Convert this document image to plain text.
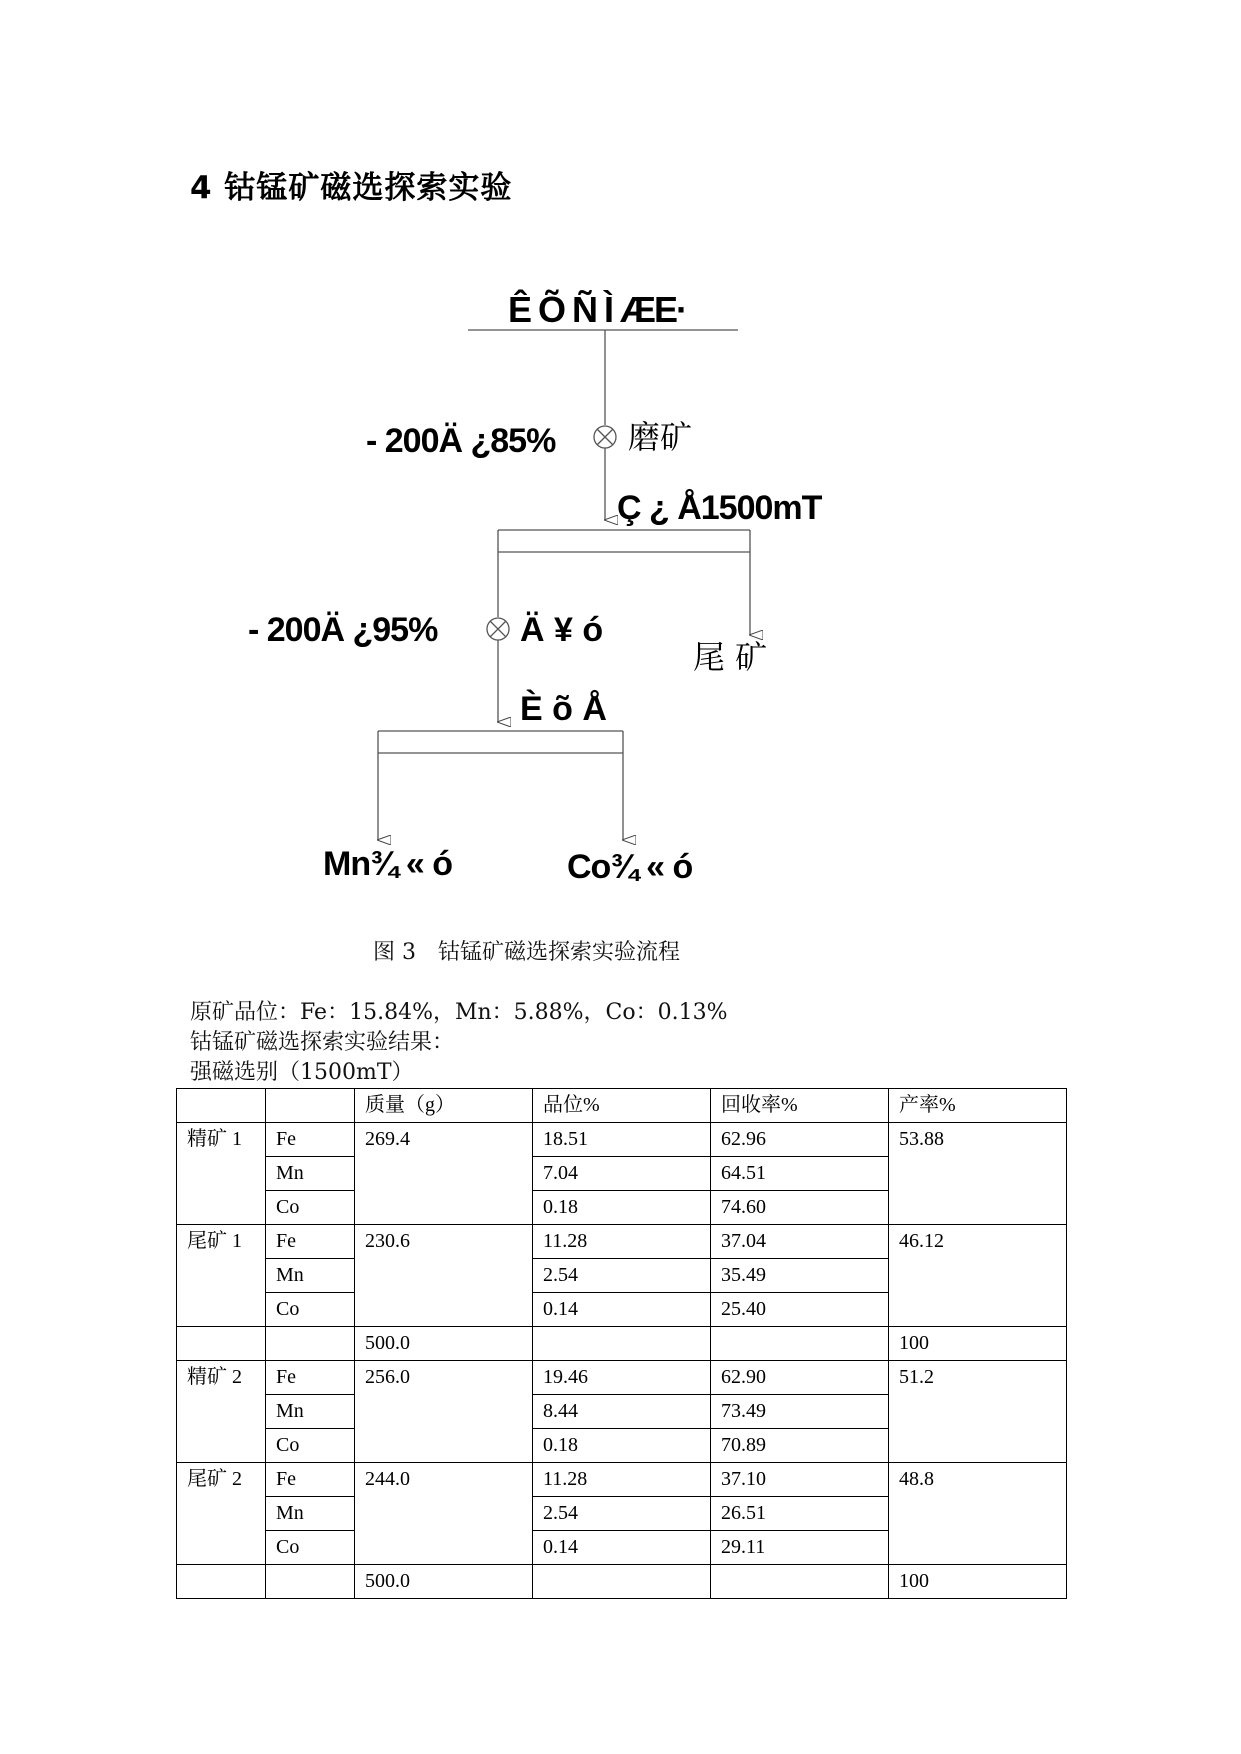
4 钴锰矿磁选探索实验
Ê Õ Ñ Ì ÆE·
- 200Ä ¿85% 磨矿
Ç ¿ Å1500mT
- 200Ä ¿95% Ä ¥ ó
尾 矿
È õ Å
Mn¾ « ó	Co¾ « ó
图 3 钴锰矿磁选探索实验流程
原矿品位：Fe：15.84%，Mn：5.88%，Co：0.13%
钴锰矿磁选探索实验结果：
强磁选别（1500mT）
		质量（g）	品位%	回收率%	产率%
精矿 1	Fe	269.4	18.51	62.96	53.88
	Mn		7.04	64.51	
	Co		0.18	74.60	
尾矿 1	Fe	230.6	11.28	37.04	46.12
	Mn		2.54	35.49	
	Co		0.14	25.40	
		500.0			100
精矿 2	Fe	256.0	19.46	62.90	51.2
	Mn		8.44	73.49	
	Co		0.18	70.89	
尾矿 2	Fe	244.0	11.28	37.10	48.8
	Mn		2.54	26.51	
	Co		0.14	29.11	
		500.0			100
